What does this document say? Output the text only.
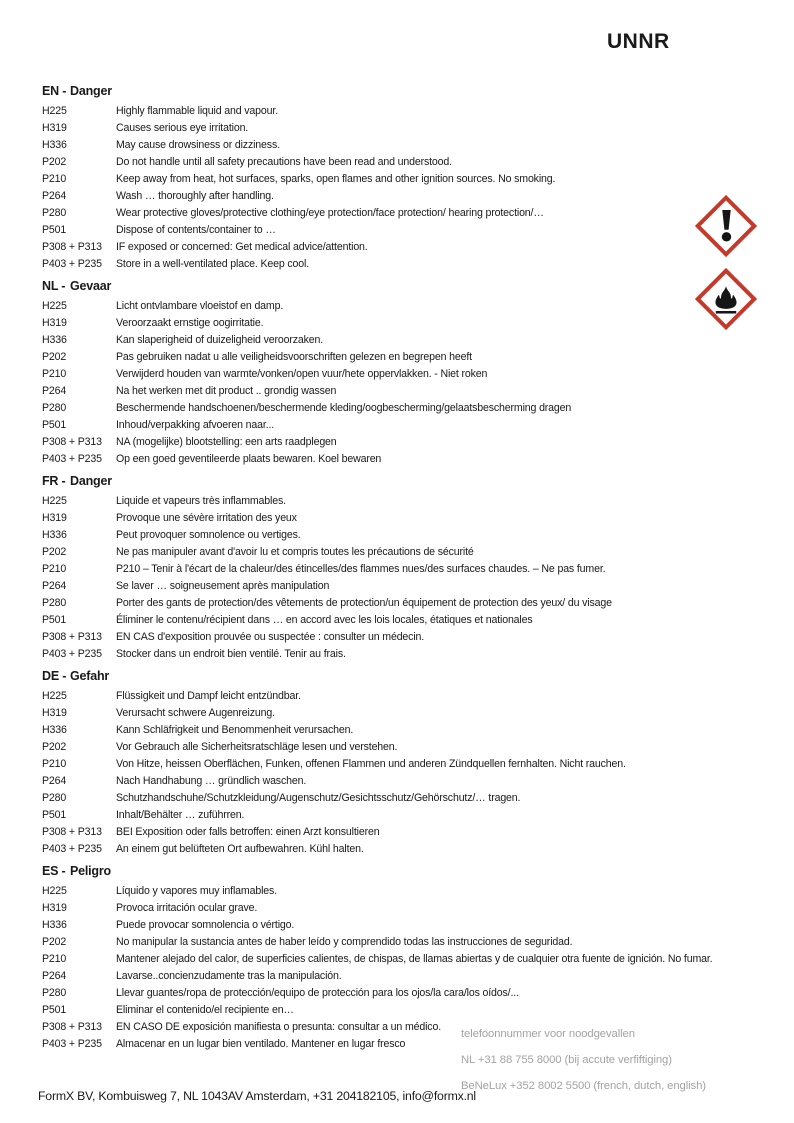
UNNR
EN - Danger
H225	Highly flammable liquid and vapour.
H319	Causes serious eye irritation.
H336	May cause drowsiness or dizziness.
P202	Do not handle until all safety precautions have been read and understood.
P210	Keep away from heat, hot surfaces, sparks, open flames and other ignition sources. No smoking.
P264	Wash … thoroughly after handling.
P280	Wear protective gloves/protective clothing/eye protection/face protection/ hearing protection/…
P501	Dispose of contents/container to …
P308 + P313	IF exposed or concerned: Get medical advice/attention.
P403 + P235	Store in a well-ventilated place. Keep cool.
NL - Gevaar
H225	Licht ontvlambare vloeistof en damp.
H319	Veroorzaakt ernstige oogirritatie.
H336	Kan slaperigheid of duizeligheid veroorzaken.
P202	Pas gebruiken nadat u alle veiligheidsvoorschriften gelezen en begrepen heeft
P210	Verwijderd houden van warmte/vonken/open vuur/hete oppervlakken. - Niet roken
P264	Na het werken met dit product .. grondig wassen
P280	Beschermende handschoenen/beschermende kleding/oogbescherming/gelaatsbescherming dragen
P501	Inhoud/verpakking afvoeren naar...
P308 + P313	NA (mogelijke) blootstelling: een arts raadplegen
P403 + P235	Op een goed geventileerde plaats bewaren. Koel bewaren
FR - Danger
H225	Liquide et vapeurs très inflammables.
H319	Provoque une sévère irritation des yeux
H336	Peut provoquer somnolence ou vertiges.
P202	Ne pas manipuler avant d'avoir lu et compris toutes les précautions de sécurité
P210	P210 – Tenir à l'écart de la chaleur/des étincelles/des flammes nues/des surfaces chaudes. – Ne pas fumer.
P264	Se laver … soigneusement après manipulation
P280	Porter des gants de protection/des vêtements de protection/un équipement de protection des yeux/ du visage
P501	Éliminer le contenu/récipient dans … en accord avec les lois locales, étatiques et nationales
P308 + P313	EN CAS d'exposition prouvée ou suspectée : consulter un médecin.
P403 + P235	Stocker dans un endroit bien ventilé. Tenir au frais.
DE - Gefahr
H225	Flüssigkeit und Dampf leicht entzündbar.
H319	Verursacht schwere Augenreizung.
H336	Kann Schläfrigkeit und Benommenheit verursachen.
P202	Vor Gebrauch alle Sicherheitsratschläge lesen und verstehen.
P210	Von Hitze, heissen Oberflächen, Funken, offenen Flammen und anderen Zündquellen fernhalten. Nicht rauchen.
P264	Nach Handhabung … gründlich waschen.
P280	Schutzhandschuhe/Schutzkleidung/Augenschutz/Gesichtsschutz/Gehörschutz/… tragen.
P501	Inhalt/Behälter … zuführren.
P308 + P313	BEI Exposition oder falls betroffen: einen Arzt konsultieren
P403 + P235	An einem gut belüfteten Ort aufbewahren. Kühl halten.
ES - Peligro
H225	Líquido y vapores muy inflamables.
H319	Provoca irritación ocular grave.
H336	Puede provocar somnolencia o vértigo.
P202	No manipular la sustancia antes de haber leído y comprendido todas las instrucciones de seguridad.
P210	Mantener alejado del calor, de superficies calientes, de chispas, de llamas abiertas y de cualquier otra fuente de ignición. No fumar.
P264	Lavarse..concienzudamente tras la manipulación.
P280	Llevar guantes/ropa de protección/equipo de protección para los ojos/la cara/los oídos/...
P501	Eliminar el contenido/el recipiente en…
P308 + P313	EN CASO DE exposición manifiesta o presunta: consultar a un médico.
P403 + P235	Almacenar en un lugar bien ventilado. Mantener en lugar fresco
telefoonnummer voor noodgevallen
NL +31 88 755 8000 (bij accute verfiftiging)
BeNeLux +352 8002 5500 (french, dutch, english)
FormX BV, Kombuisweg 7, NL 1043AV Amsterdam, +31 204182105, info@formx.nl
